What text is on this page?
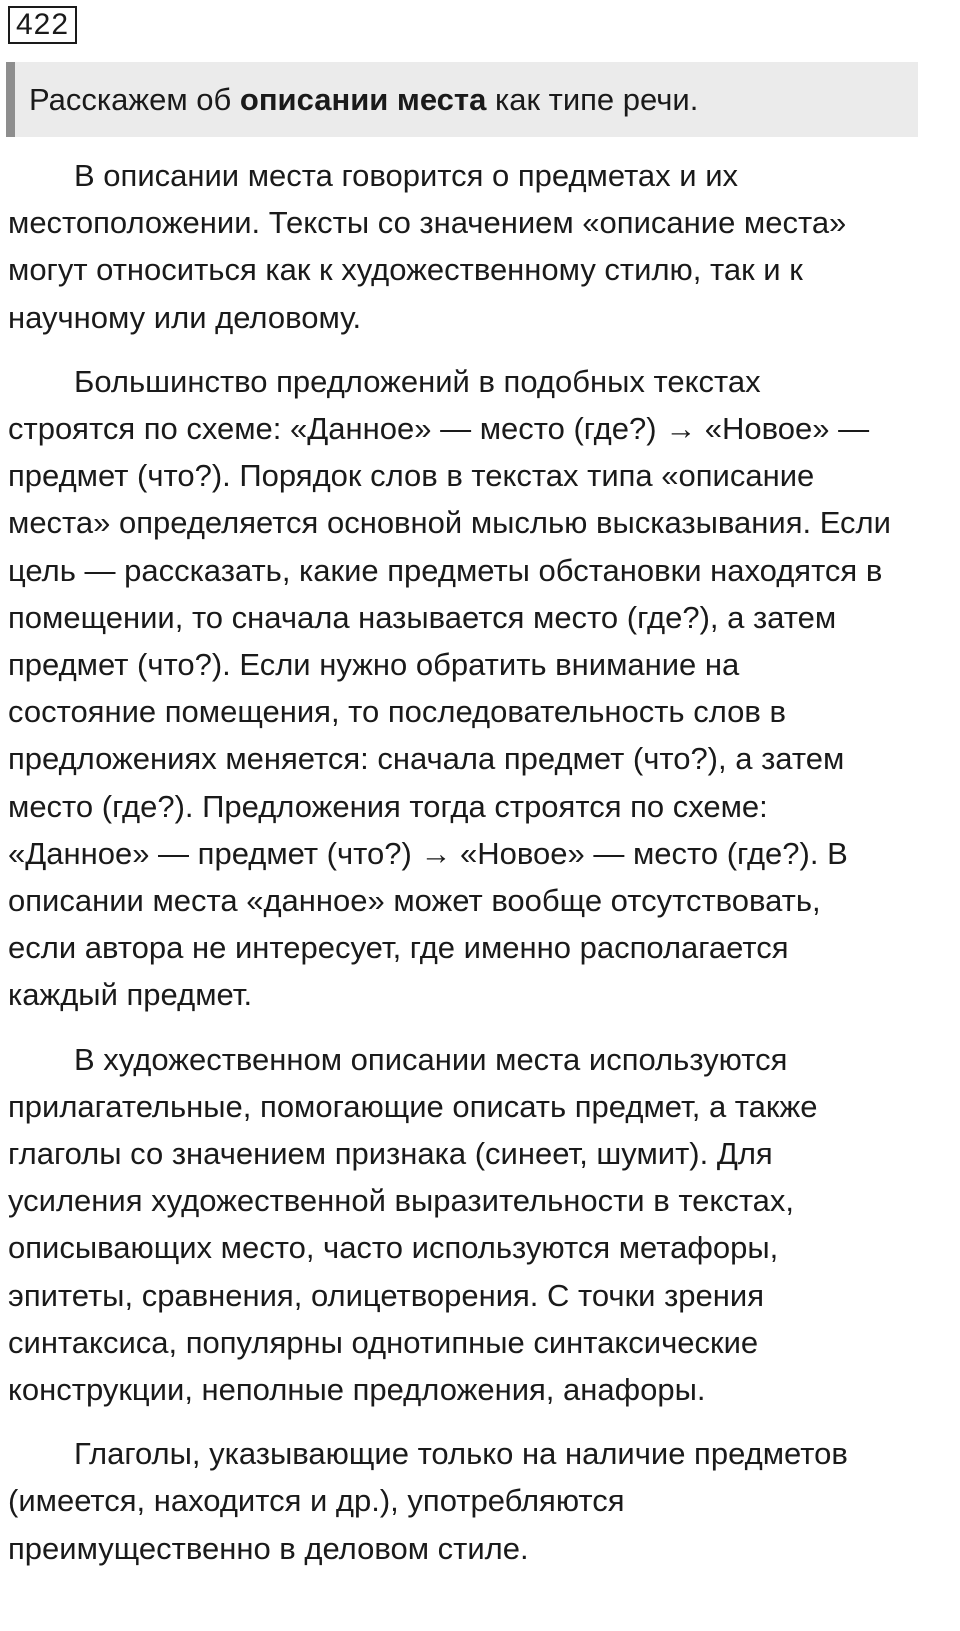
422
Расскажем об описании места как типе речи.

В описании места говорится о предметах и их
местоположении. Тексты со значением «описание места»
могут относиться как к художественному стилю, так и к
научному или деловому.

Большинство предложений в подобных текстах
строятся по схеме: «Данное» — место (где?) → «Новое» —
предмет (что?). Порядок слов в текстах типа «описание
места» определяется основной мыслью высказывания. Если
цель — рассказать, какие предметы обстановки находятся в
помещении, то сначала называется место (где?), а затем
предмет (что?). Если нужно обратить внимание на
состояние помещения, то последовательность слов в
предложениях меняется: сначала предмет (что?), а затем
место (где?). Предложения тогда строятся по схеме:
«Данное» — предмет (что?) → «Новое» — место (где?). В
описании места «данное» может вообще отсутствовать,
если автора не интересует, где именно располагается
каждый предмет.

В художественном описании места используются
прилагательные, помогающие описать предмет, а также
глаголы со значением признака (синеет, шумит). Для
усиления художественной выразительности в текстах,
описывающих место, часто используются метафоры,
эпитеты, сравнения, олицетворения. С точки зрения
синтаксиса, популярны однотипные синтаксические
конструкции, неполные предложения, анафоры.

Глаголы, указывающие только на наличие предметов
(имеется, находится и др.), употребляются
преимущественно в деловом стиле.
